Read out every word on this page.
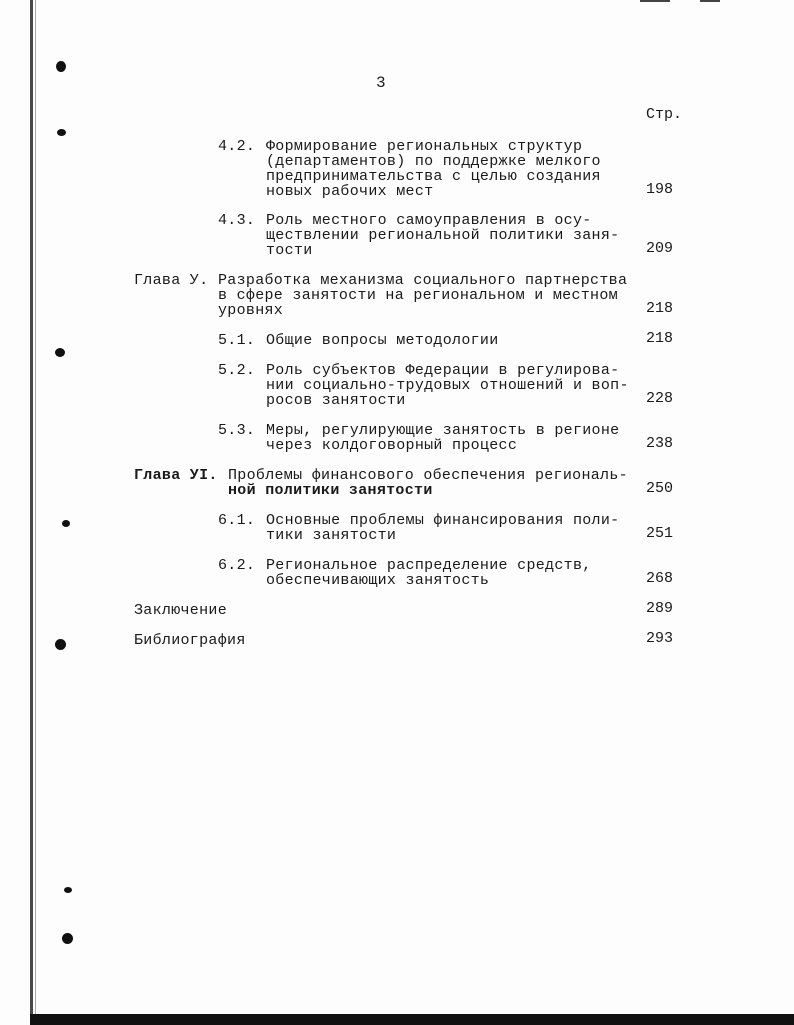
3
Стр.
4.2. Формирование региональных структур
(департаментов) по поддержке мелкого
предпринимательства с целью создания
новых рабочих мест	198
4.3. Роль местного самоуправления в осу-
ществлении региональной политики заня-
тости	209
Глава У. Разработка механизма социального партнерства
в сфере занятости на региональном и местном
уровнях	218
5.1. Общие вопросы методологии	218
5.2. Роль субъектов Федерации в регулирова-
нии социально-трудовых отношений и воп-
росов занятости	228
5.3. Меры, регулирующие занятость в регионе
через колдоговорный процесс	238
Глава УI. Проблемы финансового обеспечения региональ-
ной политики занятости	250
6.1. Основные проблемы финансирования поли-
тики занятости	251
6.2. Региональное распределение средств,
обеспечивающих занятость	268
Заключение	289
Библиография	293
